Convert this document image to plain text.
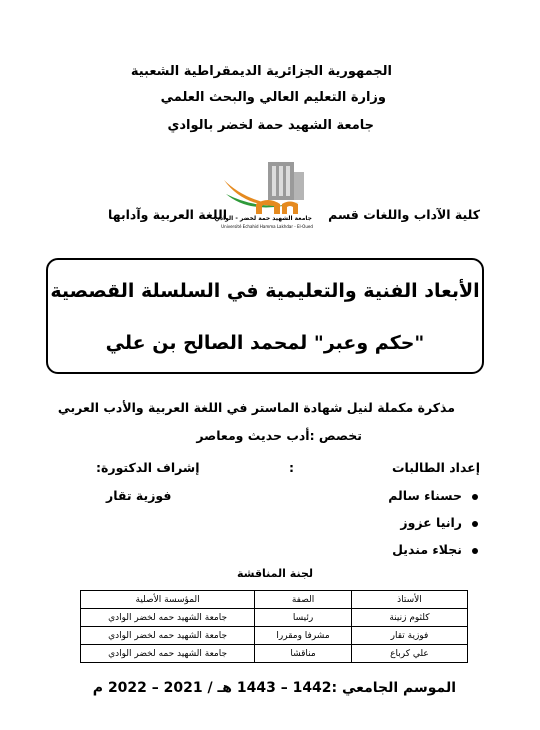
الجمهورية الجزائرية الديمقراطية الشعبية
وزارة التعليم العالي والبحث العلمي
جامعة الشهيد حمة لخضر بالوادي
كلية الآداب واللغات قسم
اللغة العربية وآدابها
جامعة الشهيد حمة لخضر - الوادي
Université Echahid Hamma Lakhdar - El-Oued
الأبعاد الفنية والتعليمية في السلسلة القصصية
"حكم وعبر" لمحمد الصالح بن علي
مذكرة مكملة لنيل شهادة الماستر في اللغة العربية والأدب العربي
تخصص :أدب حديث ومعاصر
إعداد الطالبات
:
إشراف الدكتورة:
حسناء سالم
رانيا عزوز
نجلاء منديل
فوزية تقار
لجنة المناقشة
الأستاذ	الصفة	المؤسسة الأصلية
كلثوم زنينة	رئيسا	جامعة الشهيد حمه لخضر الوادي
فوزية تقار	مشرفا ومقررا	جامعة الشهيد حمه لخضر الوادي
علي كرباع	مناقشا	جامعة الشهيد حمه لخضر الوادي
الموسم الجامعي :1442 – 1443 هـ / 2021 – 2022 م
